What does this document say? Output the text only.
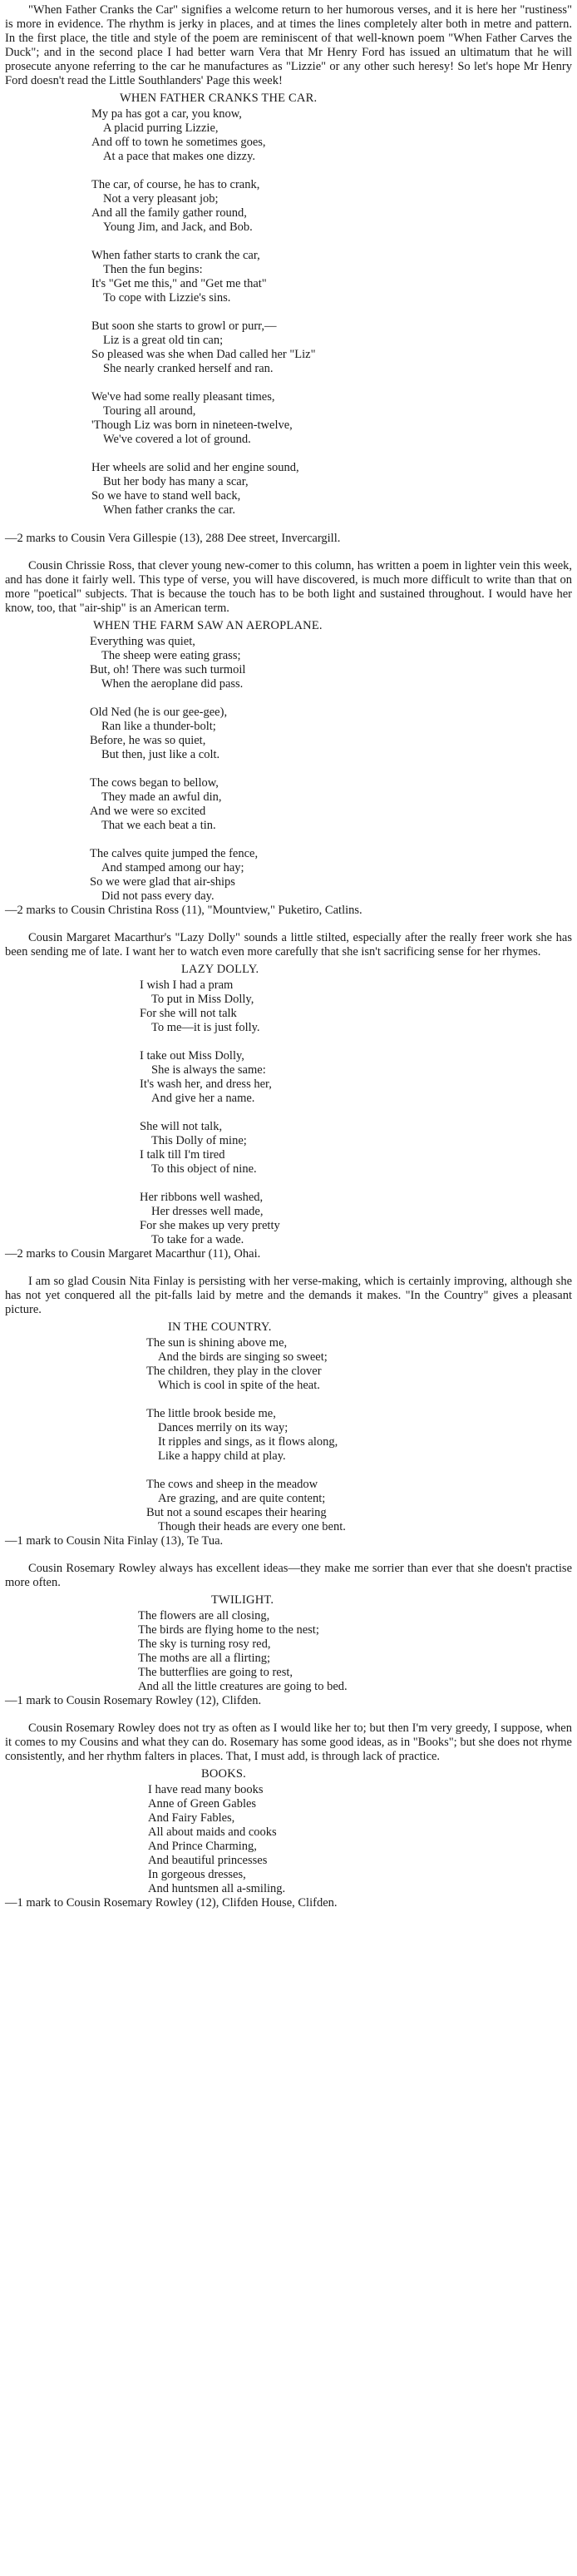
"When Father Cranks the Car" signifies a welcome return to her humorous verses, and it is here her "rustiness" is more in evidence. The rhythm is jerky in places, and at times the lines completely alter both in metre and pattern. In the first place, the title and style of the poem are reminiscent of that well-known poem "When Father Carves the Duck"; and in the second place I had better warn Vera that Mr Henry Ford has issued an ultimatum that he will prosecute anyone referring to the car he manufactures as "Lizzie" or any other such heresy! So let's hope Mr Henry Ford doesn't read the Little Southlanders' Page this week!

WHEN FATHER CRANKS THE CAR.
My pa has got a car, you know,
A placid purring Lizzie,
And off to town he sometimes goes,
At a pace that makes one dizzy.
The car, of course, he has to crank,
Not a very pleasant job;
And all the family gather round,
Young Jim, and Jack, and Bob.
When father starts to crank the car,
Then the fun begins:
It's "Get me this," and "Get me that"
To cope with Lizzie's sins.
But soon she starts to growl or purr,—
Liz is a great old tin can;
So pleased was she when Dad called her "Liz"
She nearly cranked herself and ran.
We've had some really pleasant times,
Touring all around,
'Though Liz was born in nineteen-twelve,
We've covered a lot of ground.
Her wheels are solid and her engine sound,
But her body has many a scar,
So we have to stand well back,
When father cranks the car.
—2 marks to Cousin Vera Gillespie (13), 288 Dee street, Invercargill.

Cousin Chrissie Ross, that clever young new-comer to this column, has written a poem in lighter vein this week, and has done it fairly well. This type of verse, you will have discovered, is much more difficult to write than that on more "poetical" subjects. That is because the touch has to be both light and sustained throughout. I would have her know, too, that "air-ship" is an American term.

WHEN THE FARM SAW AN AEROPLANE.
Everything was quiet,
The sheep were eating grass;
But, oh! There was such turmoil
When the aeroplane did pass.
Old Ned (he is our gee-gee),
Ran like a thunder-bolt;
Before, he was so quiet,
But then, just like a colt.
The cows began to bellow,
They made an awful din,
And we were so excited
That we each beat a tin.
The calves quite jumped the fence,
And stamped among our hay;
So we were glad that air-ships
Did not pass every day.
—2 marks to Cousin Christina Ross (11), "Mountview," Puketiro, Catlins.

Cousin Margaret Macarthur's "Lazy Dolly" sounds a little stilted, especially after the really freer work she has been sending me of late. I want her to watch even more carefully that she isn't sacrificing sense for her rhymes.

LAZY DOLLY.
I wish I had a pram
To put in Miss Dolly,
For she will not talk
To me—it is just folly.
I take out Miss Dolly,
She is always the same:
It's wash her, and dress her,
And give her a name.
She will not talk,
This Dolly of mine;
I talk till I'm tired
To this object of nine.
Her ribbons well washed,
Her dresses well made,
For she makes up very pretty
To take for a wade.
—2 marks to Cousin Margaret Macarthur (11), Ohai.

I am so glad Cousin Nita Finlay is persisting with her verse-making, which is certainly improving, although she has not yet conquered all the pit-falls laid by metre and the demands it makes. "In the Country" gives a pleasant picture.

IN THE COUNTRY.
The sun is shining above me,
And the birds are singing so sweet;
The children, they play in the clover
Which is cool in spite of the heat.
The little brook beside me,
Dances merrily on its way;
It ripples and sings, as it flows along,
Like a happy child at play.
The cows and sheep in the meadow
Are grazing, and are quite content;
But not a sound escapes their hearing
Though their heads are every one bent.
—1 mark to Cousin Nita Finlay (13), Te Tua.

Cousin Rosemary Rowley always has excellent ideas—they make me sorrier than ever that she doesn't practise more often.

TWILIGHT.
The flowers are all closing,
The birds are flying home to the nest;
The sky is turning rosy red,
The moths are all a flirting;
The butterflies are going to rest,
And all the little creatures are going to bed.
—1 mark to Cousin Rosemary Rowley (12), Clifden.

Cousin Rosemary Rowley does not try as often as I would like her to; but then I'm very greedy, I suppose, when it comes to my Cousins and what they can do. Rosemary has some good ideas, as in "Books"; but she does not rhyme consistently, and her rhythm falters in places. That, I must add, is through lack of practice.

BOOKS.
I have read many books
Anne of Green Gables
And Fairy Fables,
All about maids and cooks
And Prince Charming,
And beautiful princesses
In gorgeous dresses,
And huntsmen all a-smiling.
—1 mark to Cousin Rosemary Rowley (12), Clifden House, Clifden.
